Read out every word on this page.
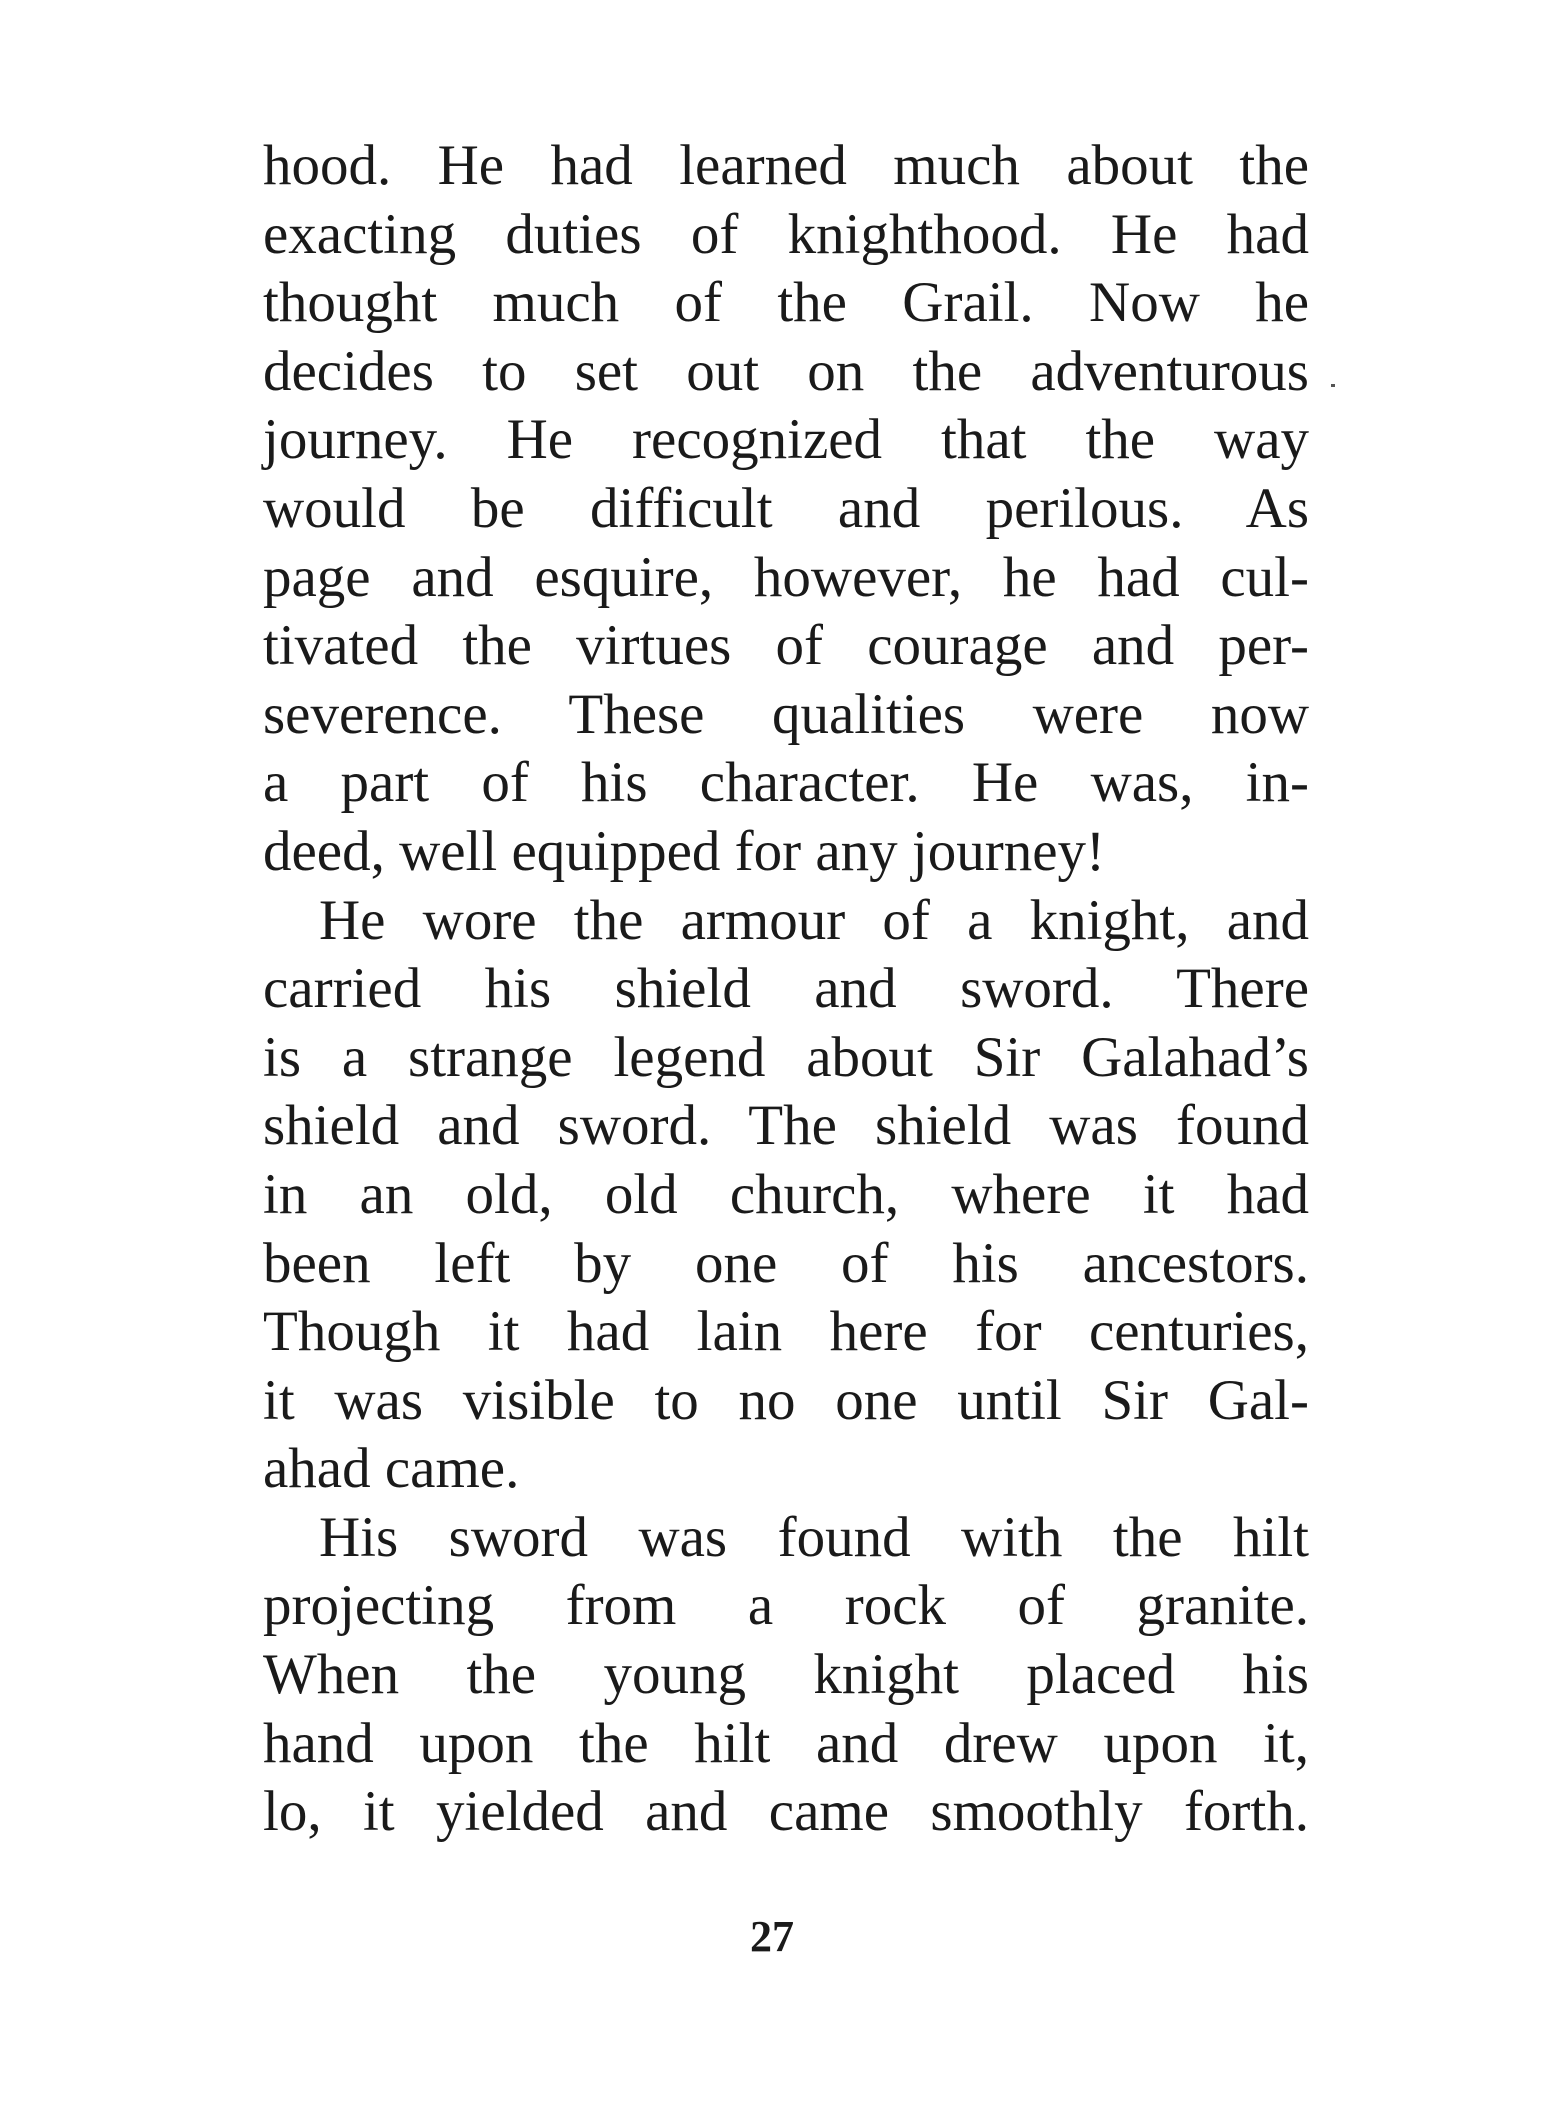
hood. He had learned much about the
exacting duties of knighthood. He had
thought much of the Grail. Now he
decides to set out on the adventurous
journey. He recognized that the way
would be difficult and perilous. As
page and esquire, however, he had cul-
tivated the virtues of courage and per-
severence. These qualities were now
a part of his character. He was, in-
deed, well equipped for any journey!
He wore the armour of a knight, and
carried his shield and sword. There
is a strange legend about Sir Galahad’s
shield and sword. The shield was found
in an old, old church, where it had
been left by one of his ancestors.
Though it had lain here for centuries,
it was visible to no one until Sir Gal-
ahad came.
His sword was found with the hilt
projecting from a rock of granite.
When the young knight placed his
hand upon the hilt and drew upon it,
lo, it yielded and came smoothly forth.
27
